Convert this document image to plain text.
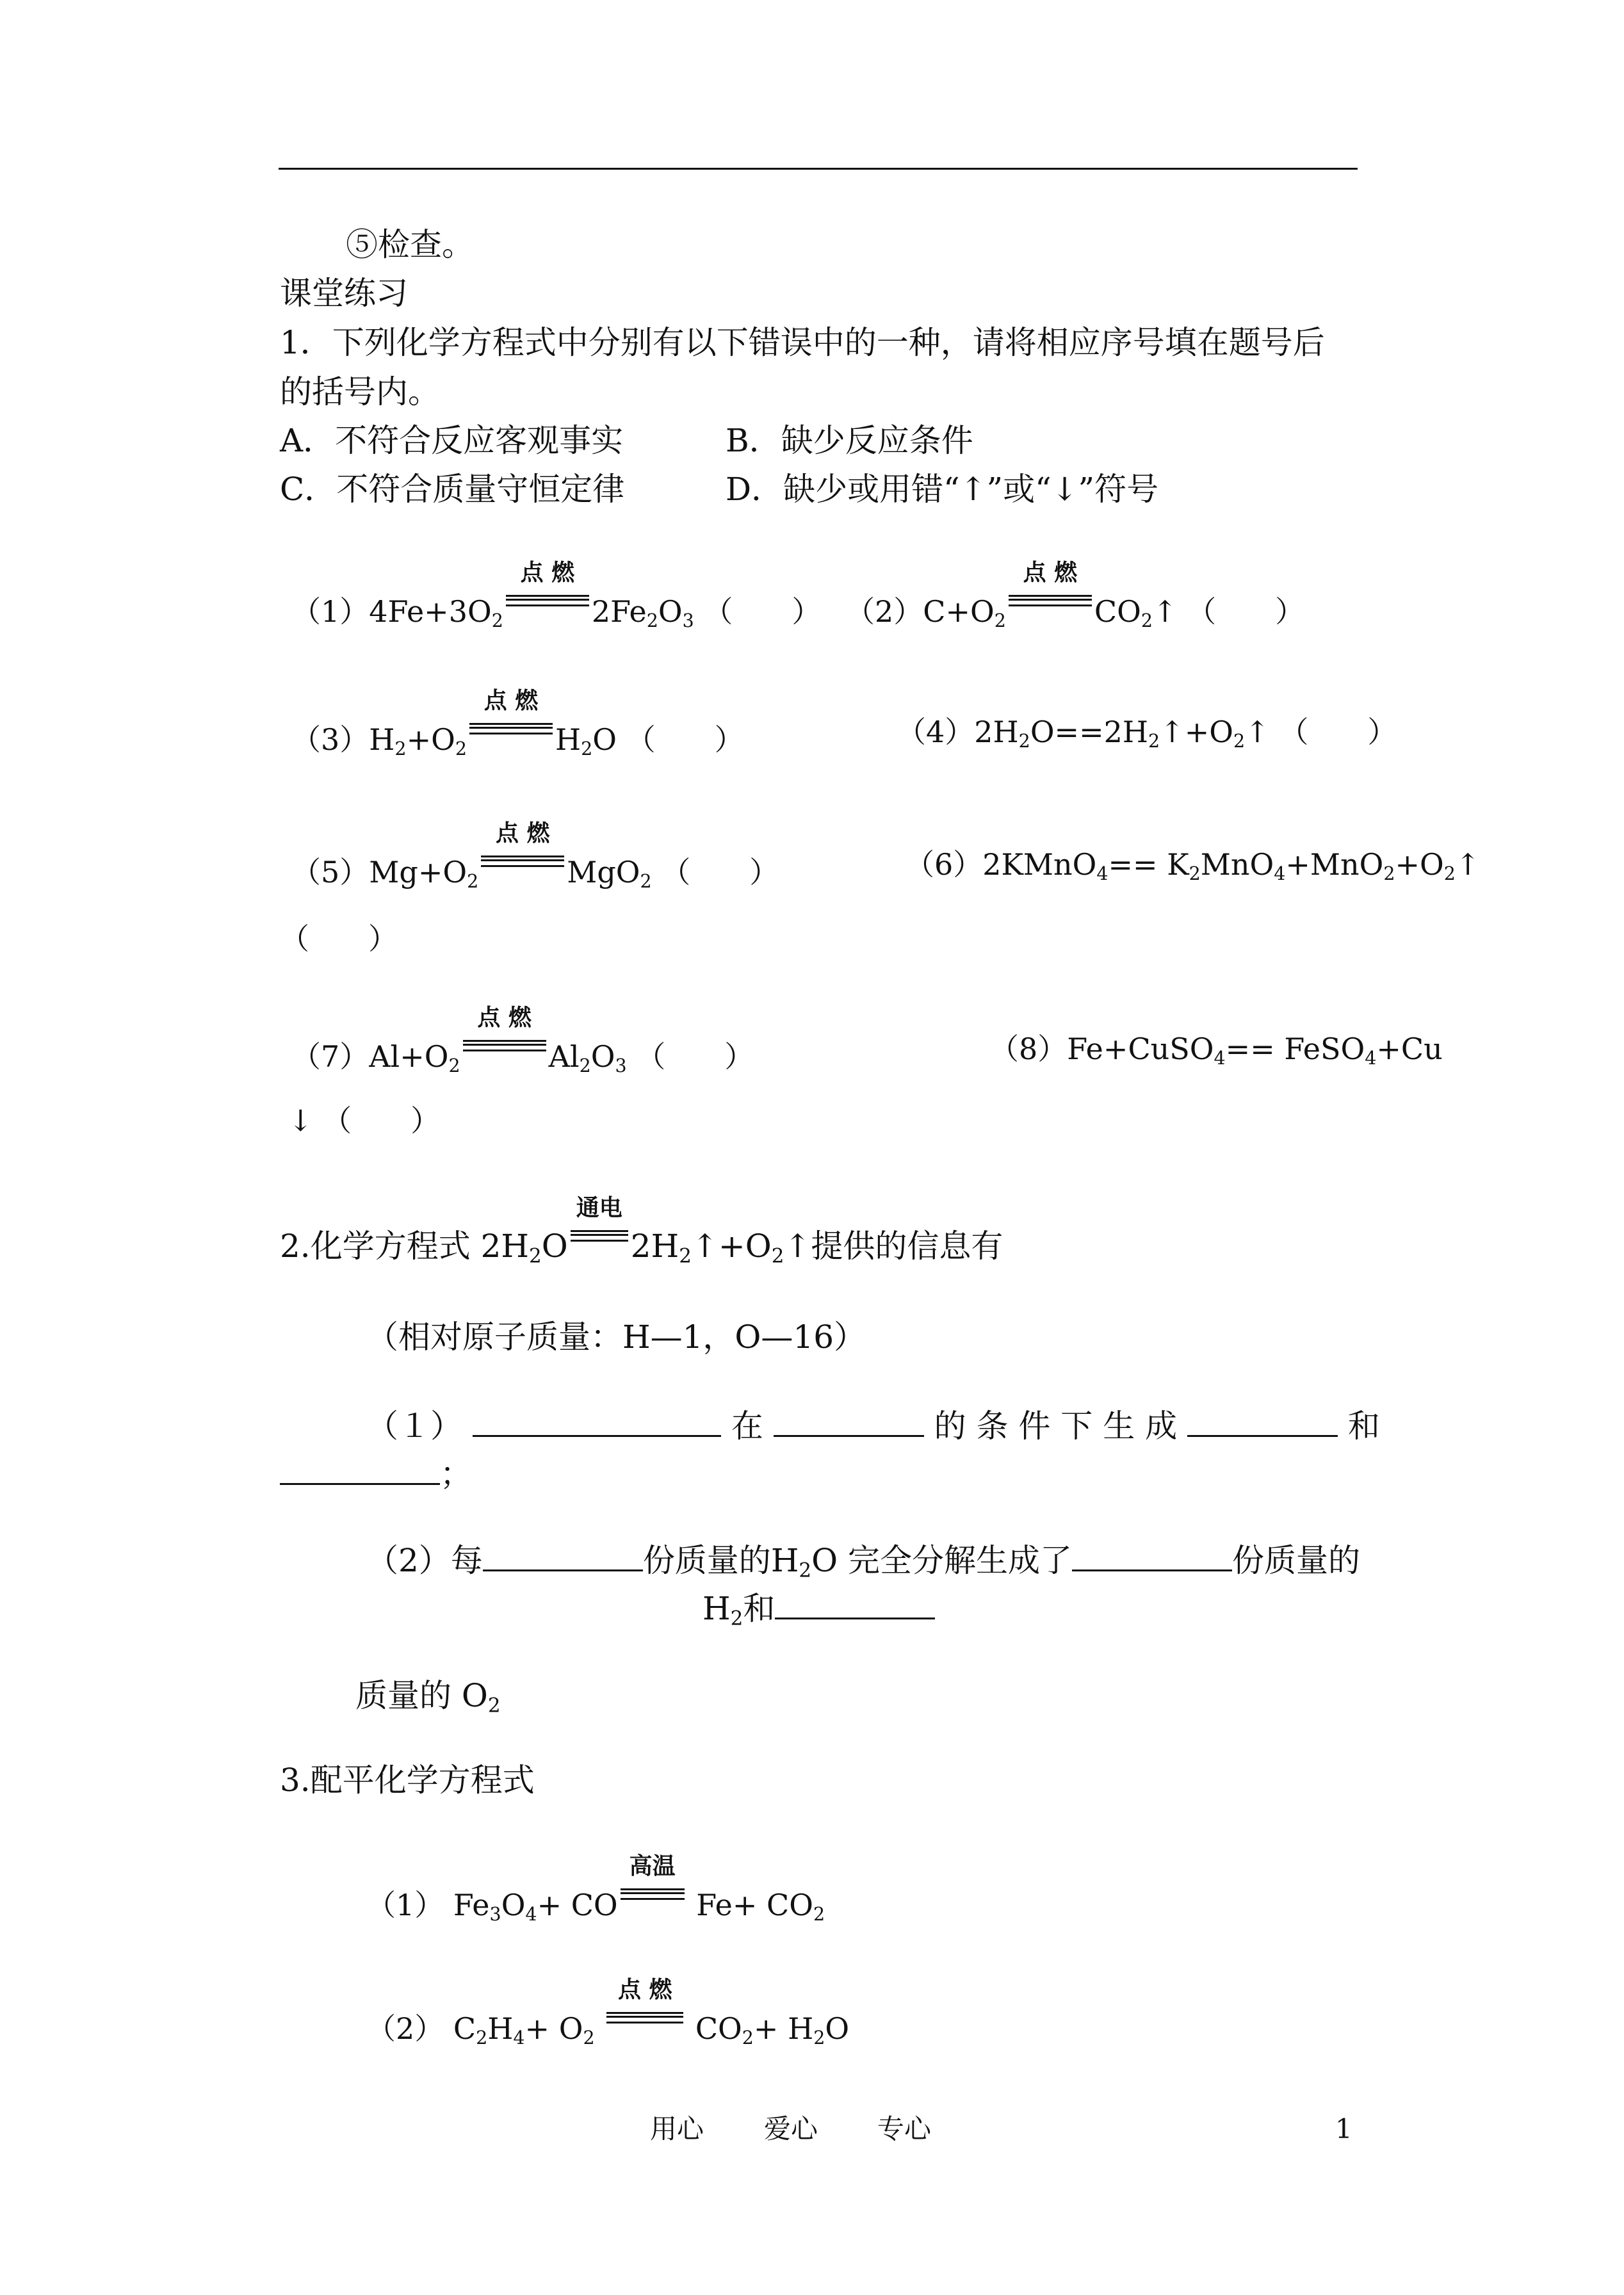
⑤检查。
课堂练习
1．下列化学方程式中分别有以下错误中的一种，请将相应序号填在题号后
的括号内。
A．不符合反应客观事实	B．缺少反应条件
C．不符合质量守恒定律	D．缺少或用错“↑”或“↓”符号
$(1)4Fe+3O_2$
点 燃
$2Fe_2O_3$ （　　） $(2)C+O_2$
点 燃
$CO_2↑$ （　　）
$(3)H_2+O_2$
点 燃
$H_2O$ （　　）	$(4)2H_2O==2H_2↑+O_2↑$ （　　）
$(5)Mg+O_2$
点 燃
MgO$_2$ （　　）	（6）2KMnO$_4$== $K_2MnO_4+MnO_2+O_2↑$
（　　）
$(7)Al+O_2$
点 燃
$Al_2O_3$ （　　）	（8）Fe+CuSO$_4$== FeSO$_4$+Cu
↓ （　　）
2.化学方程式 $2H_2O$
通电
$2H_2↑+O_2↑$提供的信息有
（相对原子质量：H—1，O—16）
（１）	在	的 条 件 下 生 成	和
；
（2）每	份质量的$H_2O$ 完全分解生成了	份质量的
$H_2$和
质量的 $O_2$
3.配平化学方程式
（1） $Fe_3O_4+$ CO
高温
$Fe+ CO_2$
（2） $C_2H_4+ O_2$
点 燃
$CO_2+ H_2O$
用心 爱心 专心	1
